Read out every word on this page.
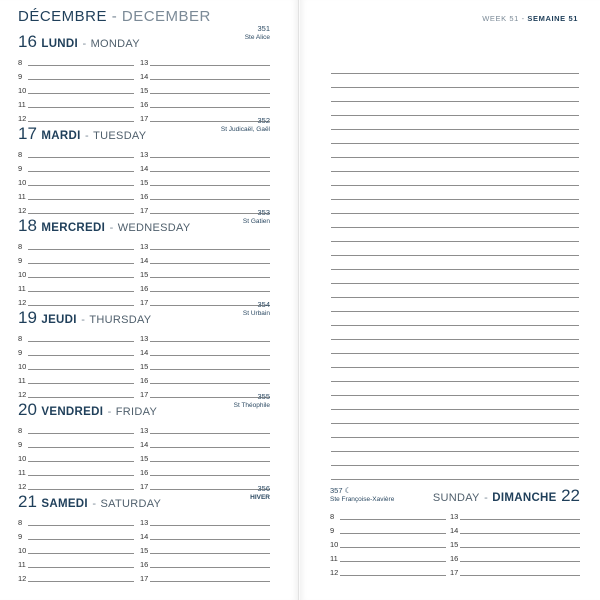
DÉCEMBRE - DECEMBER
16 LUNDI - MONDAY
351
Ste Alice
8	13
9	14
10	15
11	16
12	17
17 MARDI - TUESDAY
352
St Judicaël, Gaël
8	13
9	14
10	15
11	16
12	17
18 MERCREDI - WEDNESDAY
353
St Gatien
8	13
9	14
10	15
11	16
12	17
19 JEUDI - THURSDAY
354
St Urbain
8	13
9	14
10	15
11	16
12	17
20 VENDREDI - FRIDAY
355
St Théophile
8	13
9	14
10	15
11	16
12	17
21 SAMEDI - SATURDAY
356
HIVER
8	13
9	14
10	15
11	16
12	17
WEEK 51 - SEMAINE 51
357 ☾
Ste Françoise-Xavière	SUNDAY - DIMANCHE 22
8	13
9	14
10	15
11	16
12	17
